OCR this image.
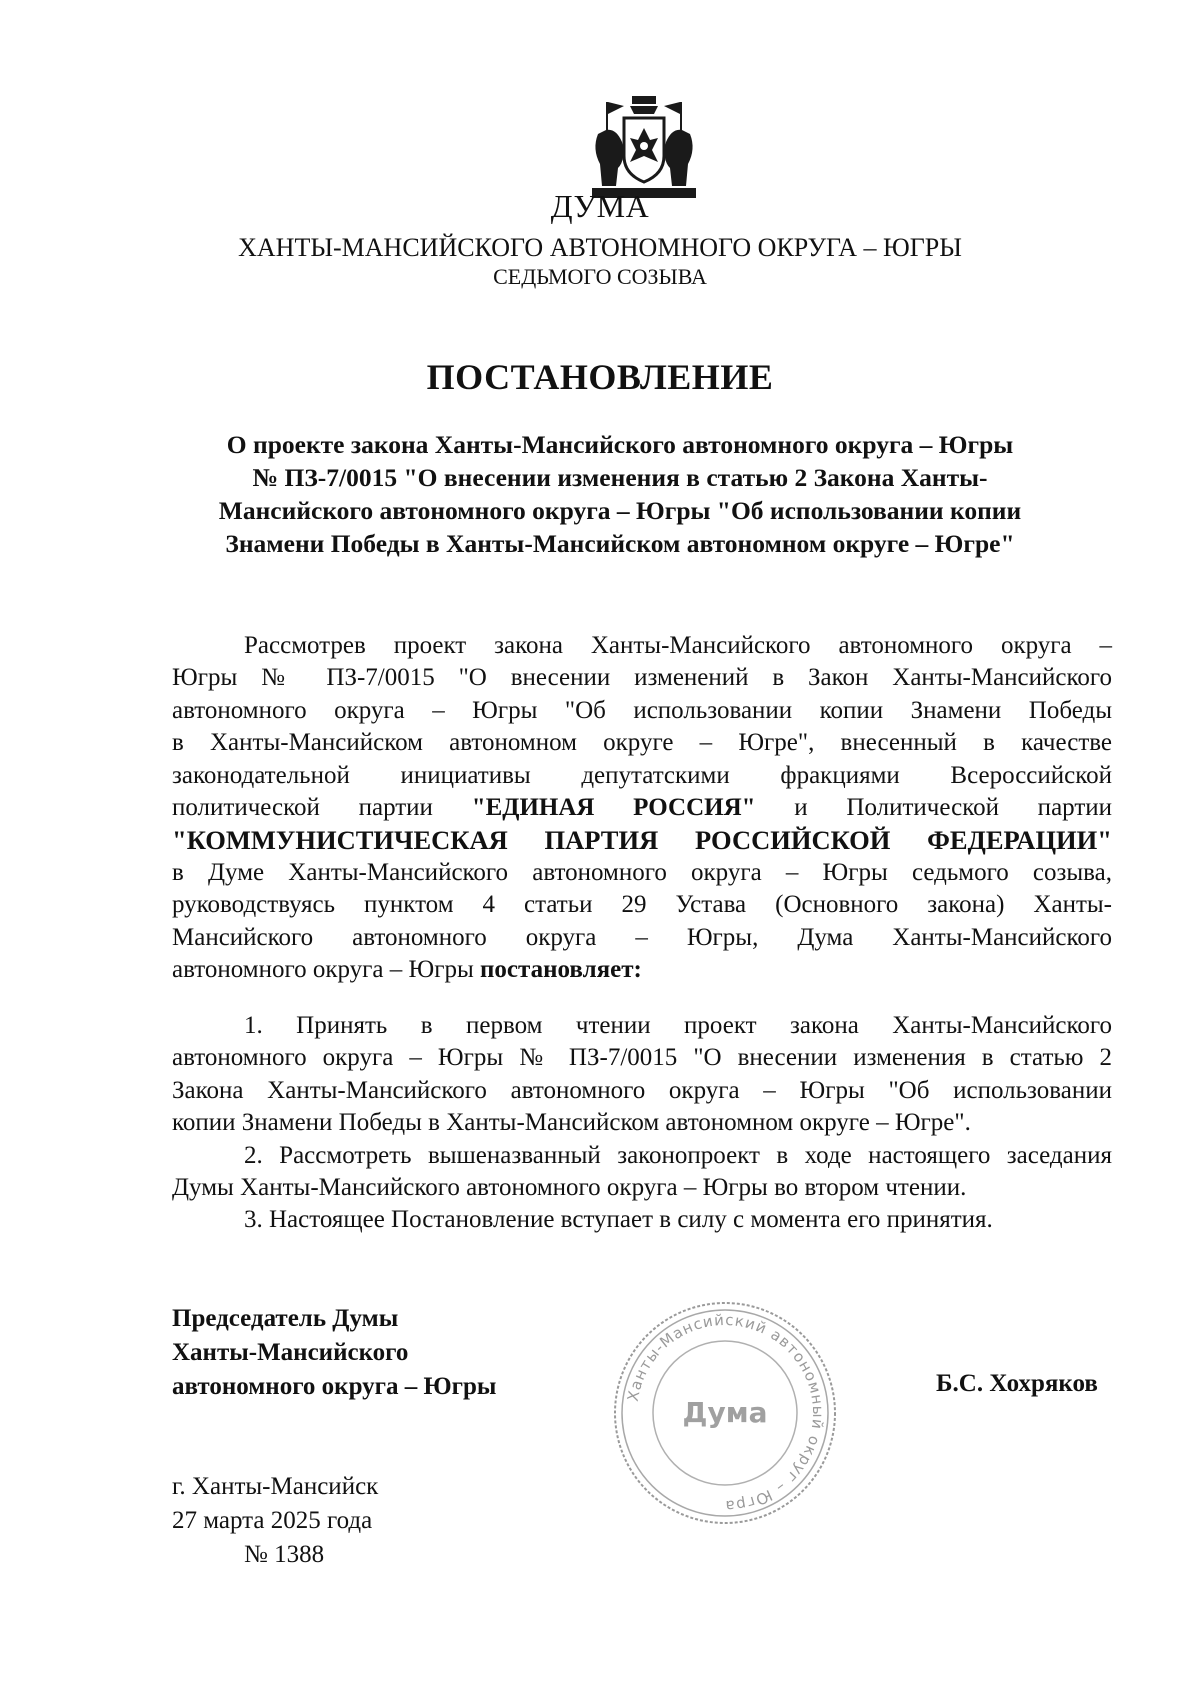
ДУМА
ХАНТЫ-МАНСИЙСКОГО АВТОНОМНОГО ОКРУГА – ЮГРЫ
СЕДЬМОГО СОЗЫВА
ПОСТАНОВЛЕНИЕ
О проекте закона Ханты-Мансийского автономного округа – Югры
№ ПЗ-7/0015 "О внесении изменения в статью 2 Закона Ханты-
Мансийского автономного округа – Югры "Об использовании копии
Знамени Победы в Ханты-Мансийском автономном округе – Югре"
Рассмотрев проект закона Ханты-Мансийского автономного округа –
Югры № ПЗ-7/0015 "О внесении изменений в Закон Ханты-Мансийского
автономного округа – Югры "Об использовании копии Знамени Победы
в Ханты-Мансийском автономном округе – Югре", внесенный в качестве
законодательной инициативы депутатскими фракциями Всероссийской
политической партии "ЕДИНАЯ РОССИЯ" и Политической партии
"КОММУНИСТИЧЕСКАЯ ПАРТИЯ РОССИЙСКОЙ ФЕДЕРАЦИИ"
в Думе Ханты-Мансийского автономного округа – Югры седьмого созыва,
руководствуясь пунктом 4 статьи 29 Устава (Основного закона) Ханты-
Мансийского автономного округа – Югры, Дума Ханты-Мансийского
автономного округа – Югры постановляет:
1. Принять в первом чтении проект закона Ханты-Мансийского
автономного округа – Югры № ПЗ-7/0015 "О внесении изменения в статью 2
Закона Ханты-Мансийского автономного округа – Югры "Об использовании
копии Знамени Победы в Ханты-Мансийском автономном округе – Югре".
2. Рассмотреть вышеназванный законопроект в ходе настоящего заседания
Думы Ханты-Мансийского автономного округа – Югры во втором чтении.
3. Настоящее Постановление вступает в силу с момента его принятия.
Председатель Думы
Ханты-Мансийского
автономного округа – Югры	Ханты-Мансийский автономный округ – Югра
Дума
Б.С. Хохряков
г. Ханты-Мансийск
27 марта 2025 года
№ 1388
